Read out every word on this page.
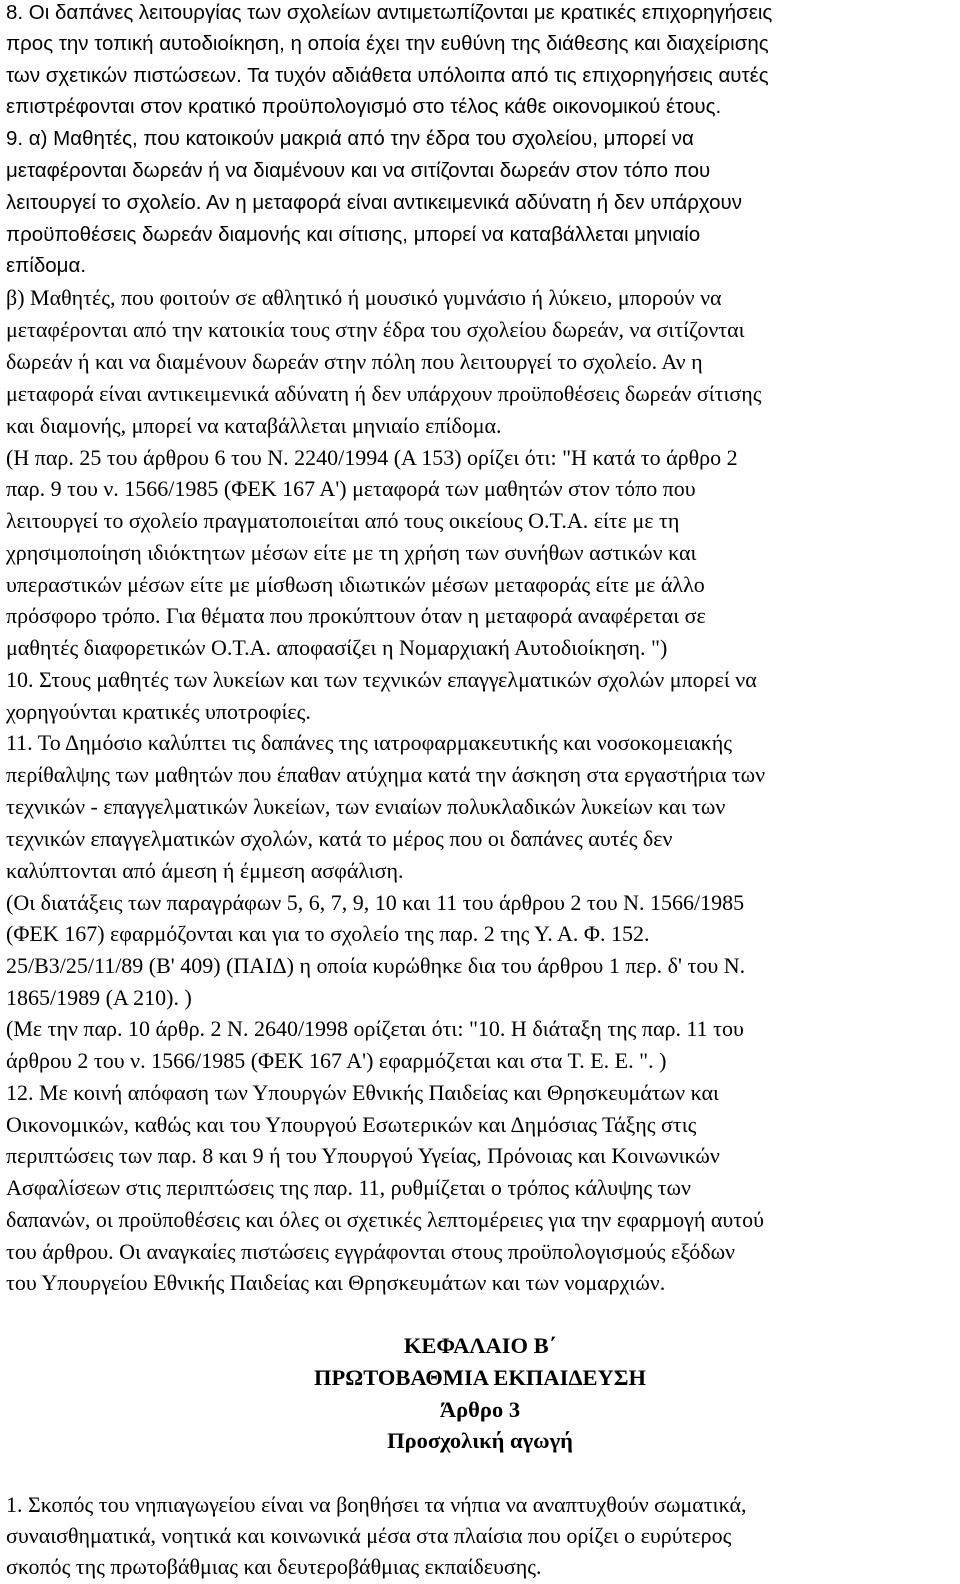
8. Οι δαπάνες λειτουργίας των σχολείων αντιμετωπίζονται με κρατικές επιχορηγήσεις
προς την τοπική αυτοδιοίκηση, η οποία έχει την ευθύνη της διάθεσης και διαχείρισης
των σχετικών πιστώσεων. Τα τυχόν αδιάθετα υπόλοιπα από τις επιχορηγήσεις αυτές
επιστρέφονται στον κρατικό προϋπολογισμό στο τέλος κάθε οικονομικού έτους.
9. α) Μαθητές, που κατοικούν μακριά από την έδρα του σχολείου, μπορεί να
μεταφέρονται δωρεάν ή να διαμένουν και να σιτίζονται δωρεάν στον τόπο που
λειτουργεί το σχολείο. Αν η μεταφορά είναι αντικειμενικά αδύνατη ή δεν υπάρχουν
προϋποθέσεις δωρεάν διαμονής και σίτισης, μπορεί να καταβάλλεται μηνιαίο
επίδομα.
β) Μαθητές, που φοιτούν σε αθλητικό ή μουσικό γυμνάσιο ή λύκειο, μπορούν να
μεταφέρονται από την κατοικία τους στην έδρα του σχολείου δωρεάν, να σιτίζονται
δωρεάν ή και να διαμένουν δωρεάν στην πόλη που λειτουργεί το σχολείο. Αν η
μεταφορά είναι αντικειμενικά αδύνατη ή δεν υπάρχουν προϋποθέσεις δωρεάν σίτισης
και διαμονής, μπορεί να καταβάλλεται μηνιαίο επίδομα.
(Η παρ. 25 του άρθρου 6 του Ν. 2240/1994 (Α 153) ορίζει ότι: "Η κατά το άρθρο 2
παρ. 9 του ν. 1566/1985 (ΦΕΚ 167 Α') μεταφορά των μαθητών στον τόπο που
λειτουργεί το σχολείο πραγματοποιείται από τους οικείους Ο.Τ.Α. είτε με τη
χρησιμοποίηση ιδιόκτητων μέσων είτε με τη χρήση των συνήθων αστικών και
υπεραστικών μέσων είτε με μίσθωση ιδιωτικών μέσων μεταφοράς είτε με άλλο
πρόσφορο τρόπο. Για θέματα που προκύπτουν όταν η μεταφορά αναφέρεται σε
μαθητές διαφορετικών Ο.Τ.Α. αποφασίζει η Νομαρχιακή Αυτοδιοίκηση. ")
10. Στους μαθητές των λυκείων και των τεχνικών επαγγελματικών σχολών μπορεί να
χορηγούνται κρατικές υποτροφίες.
11. Το Δημόσιο καλύπτει τις δαπάνες της ιατροφαρμακευτικής και νοσοκομειακής
περίθαλψης των μαθητών που έπαθαν ατύχημα κατά την άσκηση στα εργαστήρια των
τεχνικών - επαγγελματικών λυκείων, των ενιαίων πολυκλαδικών λυκείων και των
τεχνικών επαγγελματικών σχολών, κατά το μέρος που οι δαπάνες αυτές δεν
καλύπτονται από άμεση ή έμμεση ασφάλιση.
(Οι διατάξεις των παραγράφων 5, 6, 7, 9, 10 και 11 του άρθρου 2 του Ν. 1566/1985
(ΦΕΚ 167) εφαρμόζονται και για το σχολείο της παρ. 2 της Υ. Α. Φ. 152.
25/Β3/25/11/89 (Β' 409) (ΠΑΙΔ) η οποία κυρώθηκε δια του άρθρου 1 περ. δ' του Ν.
1865/1989 (Α 210). )
(Με την παρ. 10 άρθρ. 2 Ν. 2640/1998 ορίζεται ότι: "10. Η διάταξη της παρ. 11 του
άρθρου 2 του ν. 1566/1985 (ΦΕΚ 167 Α') εφαρμόζεται και στα Τ. Ε. Ε. ". )
12. Με κοινή απόφαση των Υπουργών Εθνικής Παιδείας και Θρησκευμάτων και
Οικονομικών, καθώς και του Υπουργού Εσωτερικών και Δημόσιας Τάξης στις
περιπτώσεις των παρ. 8 και 9 ή του Υπουργού Υγείας, Πρόνοιας και Κοινωνικών
Ασφαλίσεων στις περιπτώσεις της παρ. 11, ρυθμίζεται ο τρόπος κάλυψης των
δαπανών, οι προϋποθέσεις και όλες οι σχετικές λεπτομέρειες για την εφαρμογή αυτού
του άρθρου. Οι αναγκαίες πιστώσεις εγγράφονται στους προϋπολογισμούς εξόδων
του Υπουργείου Εθνικής Παιδείας και Θρησκευμάτων και των νομαρχιών.
ΚΕΦΑΛΑΙΟ Β΄
ΠΡΩΤΟΒΑΘΜΙΑ ΕΚΠΑΙΔΕΥΣΗ
Άρθρο 3
Προσχολική αγωγή
1. Σκοπός του νηπιαγωγείου είναι να βοηθήσει τα νήπια να αναπτυχθούν σωματικά,
συναισθηματικά, νοητικά και κοινωνικά μέσα στα πλαίσια που ορίζει ο ευρύτερος
σκοπός της πρωτοβάθμιας και δευτεροβάθμιας εκπαίδευσης.
